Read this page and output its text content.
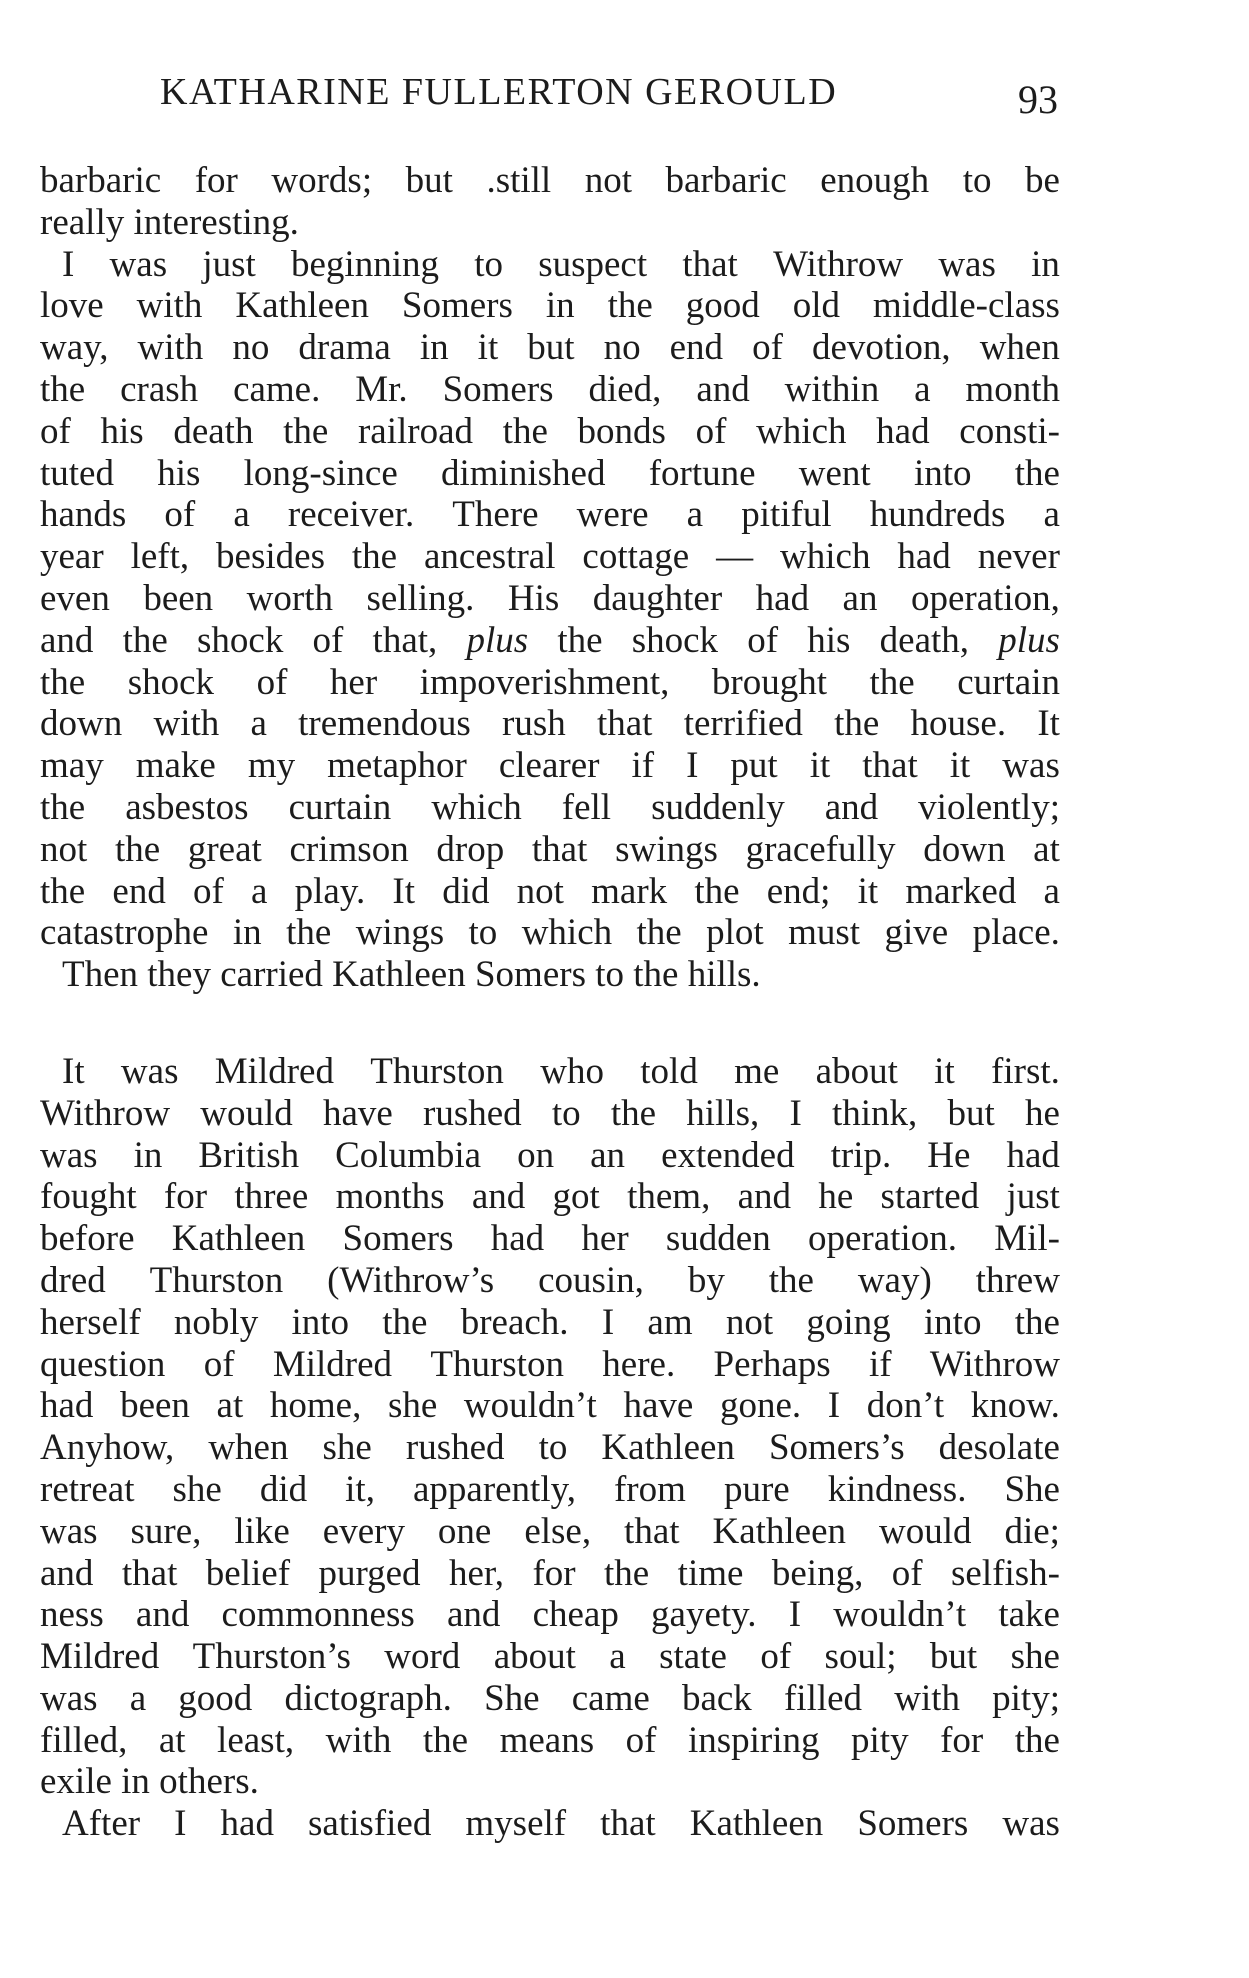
KATHARINE FULLERTON GEROULD	93
barbaric for words; but .still not barbaric enough to be
really interesting.
I was just beginning to suspect that Withrow was in
love with Kathleen Somers in the good old middle-class
way, with no drama in it but no end of devotion, when
the crash came. Mr. Somers died, and within a month
of his death the railroad the bonds of which had consti-
tuted his long-since diminished fortune went into the
hands of a receiver. There were a pitiful hundreds a
year left, besides the ancestral cottage — which had never
even been worth selling. His daughter had an operation,
and the shock of that, plus the shock of his death, plus
the shock of her impoverishment, brought the curtain
down with a tremendous rush that terrified the house. It
may make my metaphor clearer if I put it that it was
the asbestos curtain which fell suddenly and violently;
not the great crimson drop that swings gracefully down at
the end of a play. It did not mark the end; it marked a
catastrophe in the wings to which the plot must give place.
Then they carried Kathleen Somers to the hills.
It was Mildred Thurston who told me about it first.
Withrow would have rushed to the hills, I think, but he
was in British Columbia on an extended trip. He had
fought for three months and got them, and he started just
before Kathleen Somers had her sudden operation. Mil-
dred Thurston (Withrow’s cousin, by the way) threw
herself nobly into the breach. I am not going into the
question of Mildred Thurston here. Perhaps if Withrow
had been at home, she wouldn’t have gone. I don’t know.
Anyhow, when she rushed to Kathleen Somers’s desolate
retreat she did it, apparently, from pure kindness. She
was sure, like every one else, that Kathleen would die;
and that belief purged her, for the time being, of selfish-
ness and commonness and cheap gayety. I wouldn’t take
Mildred Thurston’s word about a state of soul; but she
was a good dictograph. She came back filled with pity;
filled, at least, with the means of inspiring pity for the
exile in others.
After I had satisfied myself that Kathleen Somers was
